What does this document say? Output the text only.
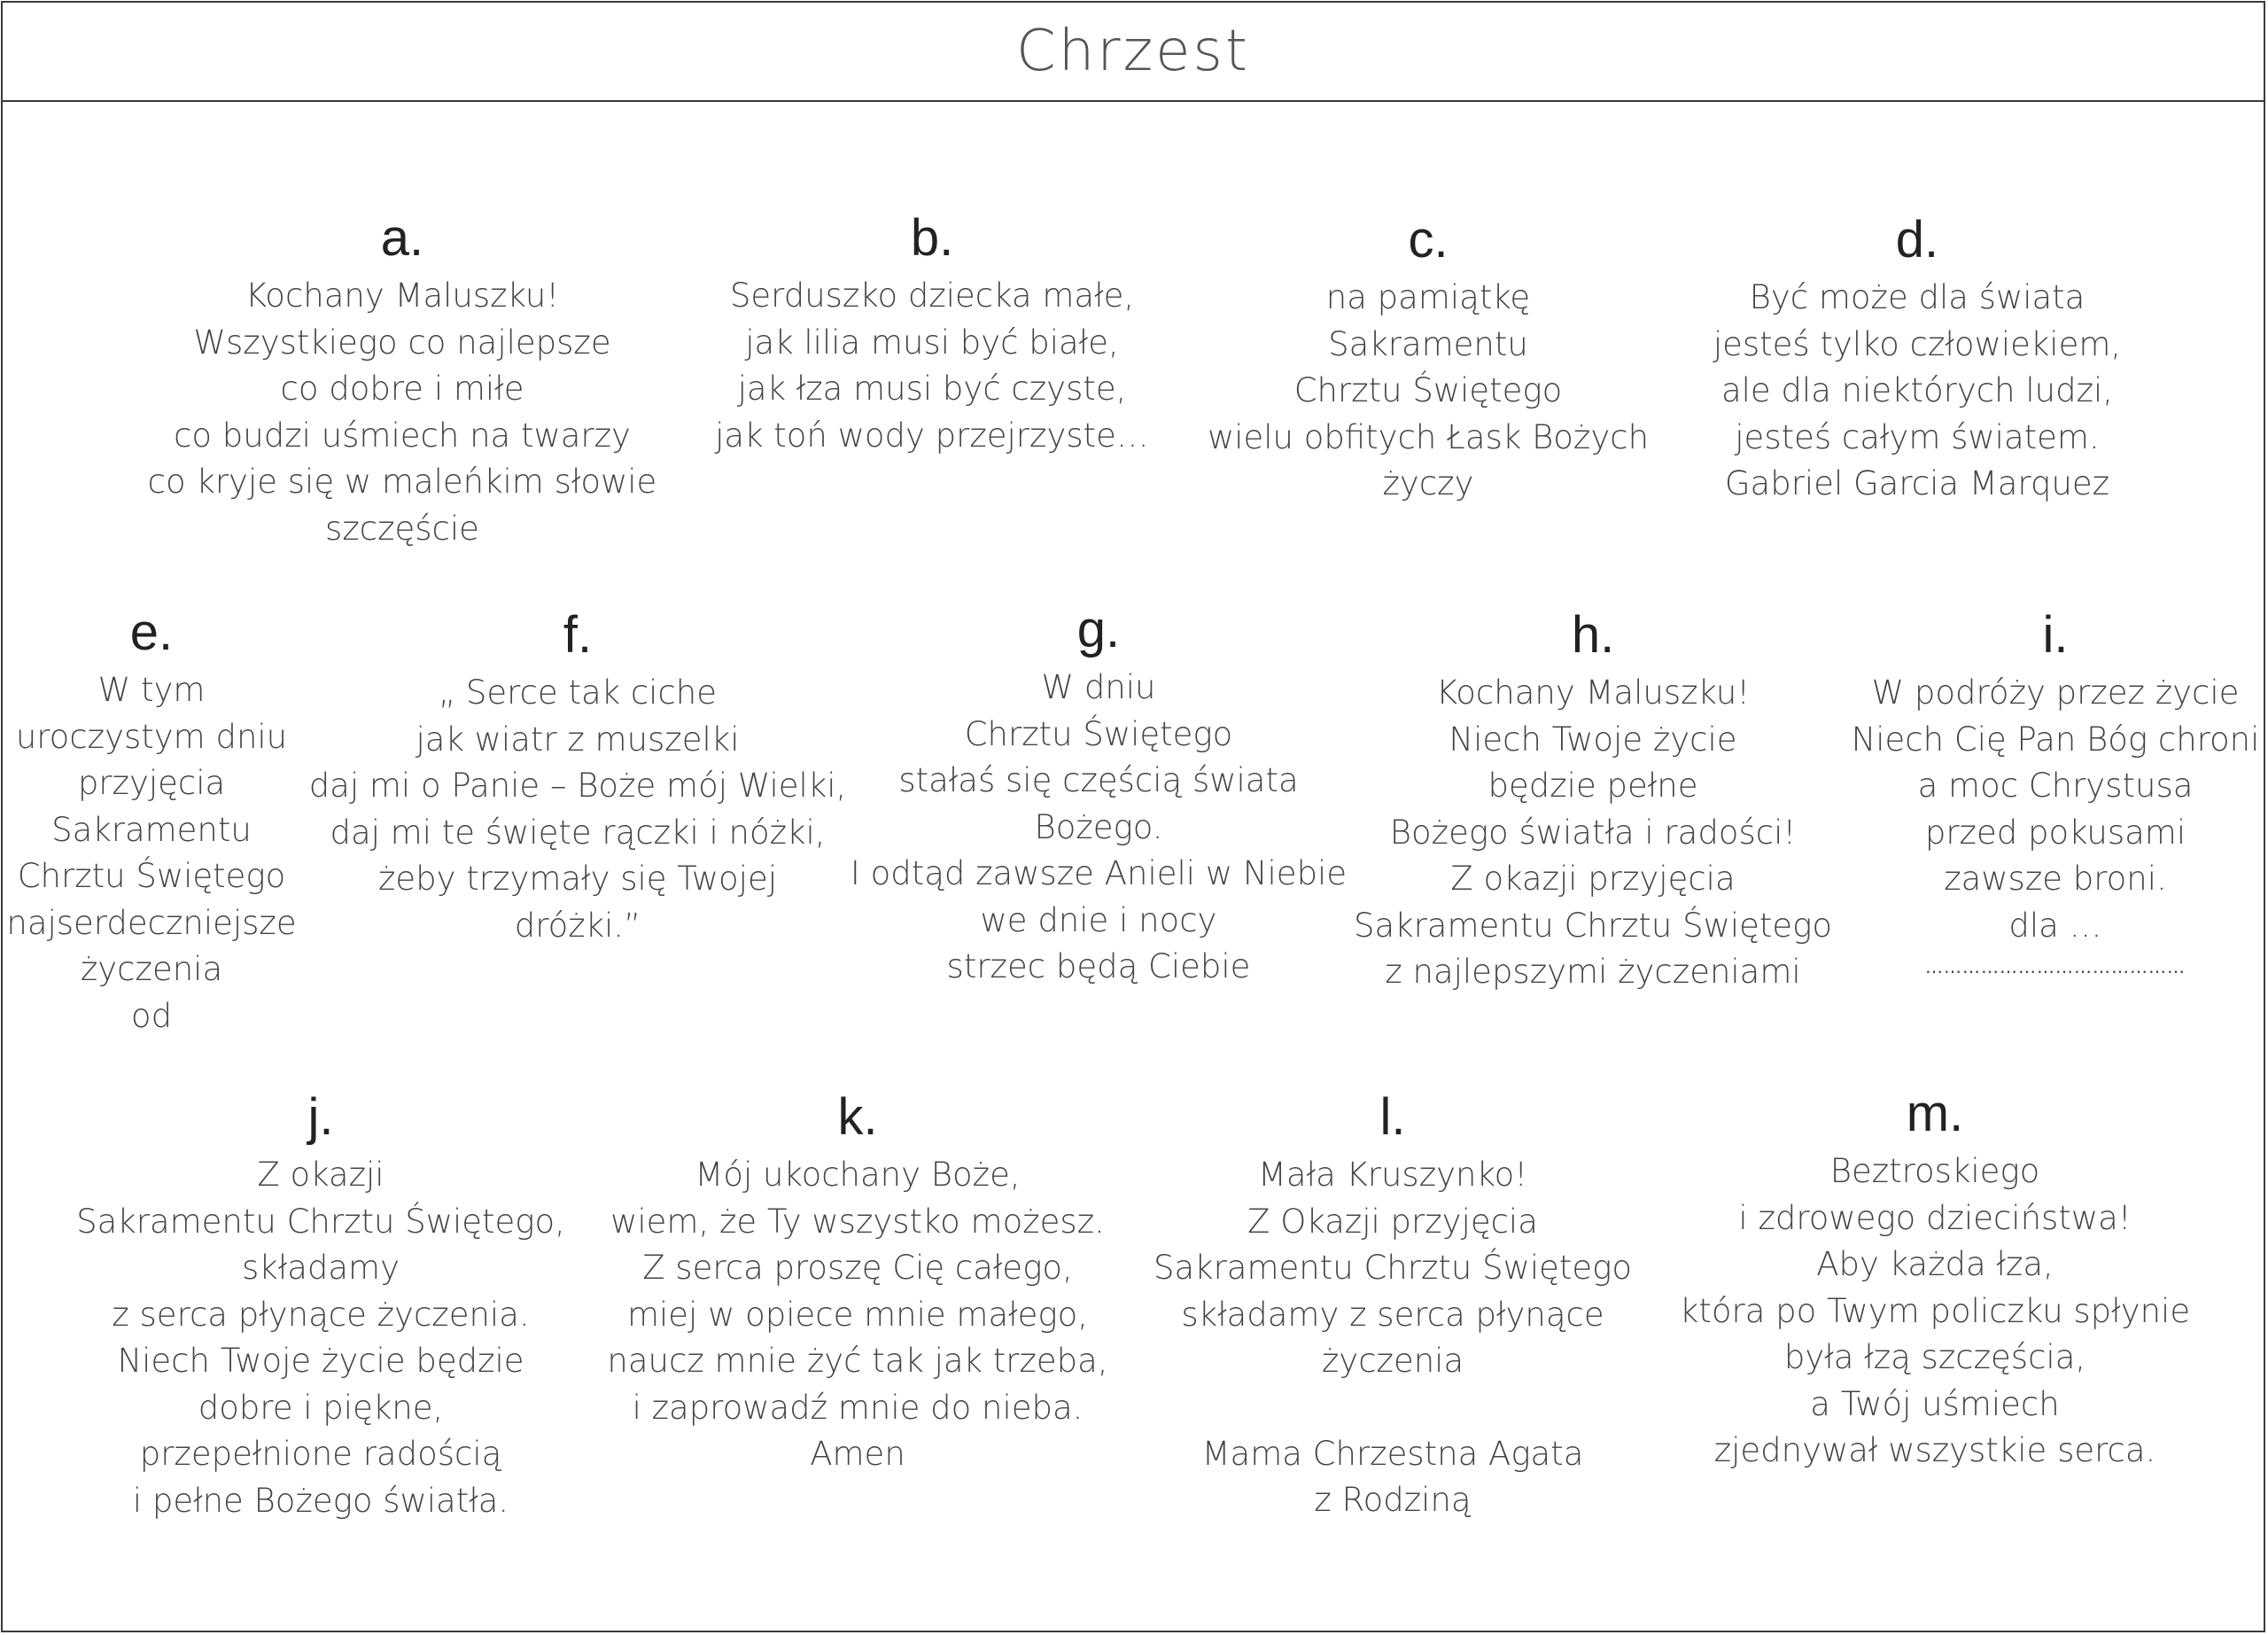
Chrzest
a.
Kochany Maluszku!
Wszystkiego co najlepsze
co dobre i miłe
co budzi uśmiech na twarzy
co kryje się w maleńkim słowie
szczęście
b.
Serduszko dziecka małe,
jak lilia musi być białe,
jak łza musi być czyste,
jak toń wody przejrzyste…
c.
na pamiątkę
Sakramentu
Chrztu Świętego
wielu obfitych Łask Bożych
życzy
d.
Być może dla świata
jesteś tylko człowiekiem,
ale dla niektórych ludzi,
jesteś całym światem.
Gabriel Garcia Marquez
e.
W tym
uroczystym dniu
przyjęcia
Sakramentu
Chrztu Świętego
najserdeczniejsze
życzenia
od
f.
„ Serce tak ciche
jak wiatr z muszelki
daj mi o Panie – Boże mój Wielki,
daj mi te święte rączki i nóżki,
żeby trzymały się Twojej
dróżki.”
g.
W dniu
Chrztu Świętego
stałaś się częścią świata
Bożego.
I odtąd zawsze Anieli w Niebie
we dnie i nocy
strzec będą Ciebie
h.
Kochany Maluszku!
Niech Twoje życie
będzie pełne
Bożego światła i radości!
Z okazji przyjęcia
Sakramentu Chrztu Świętego
z najlepszymi życzeniami
i.
W podróży przez życie
Niech Cię Pan Bóg chroni
a moc Chrystusa
przed pokusami
zawsze broni.
dla …
……………………………………
j.
Z okazji
Sakramentu Chrztu Świętego,
składamy
z serca płynące życzenia.
Niech Twoje życie będzie
dobre i piękne,
przepełnione radością
i pełne Bożego światła.
k.
Mój ukochany Boże,
wiem, że Ty wszystko możesz.
Z serca proszę Cię całego,
miej w opiece mnie małego,
naucz mnie żyć tak jak trzeba,
i zaprowadź mnie do nieba.
Amen
l.
Mała Kruszynko!
Z Okazji przyjęcia
Sakramentu Chrztu Świętego
składamy z serca płynące
życzenia
Mama Chrzestna Agata
z Rodziną
m.
Beztroskiego
i zdrowego dzieciństwa!
Aby każda łza,
która po Twym policzku spłynie
była łzą szczęścia,
a Twój uśmiech
zjednywał wszystkie serca.
